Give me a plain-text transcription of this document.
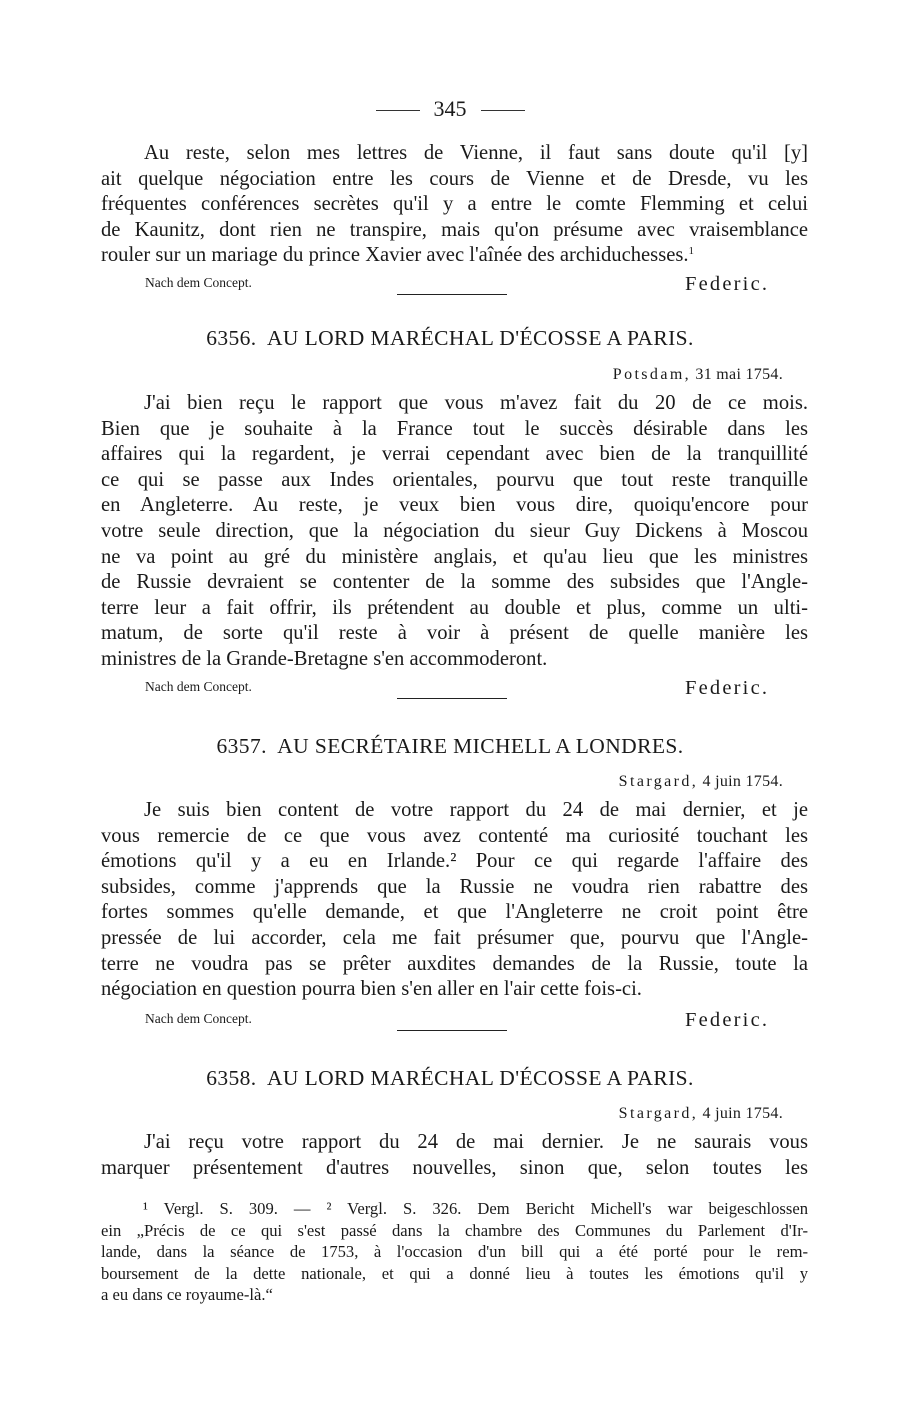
345
Au reste, selon mes lettres de Vienne, il faut sans doute qu'il [y]
ait quelque négociation entre les cours de Vienne et de Dresde, vu les
fréquentes conférences secrètes qu'il y a entre le comte Flemming et celui
de Kaunitz, dont rien ne transpire, mais qu'on présume avec vraisemblance
rouler sur un mariage du prince Xavier avec l'aînée des archiduchesses.$^1$
Nach dem Concept.	Federic.
6356. AU LORD MARÉCHAL D'ÉCOSSE A PARIS.
Potsdam, 31 mai 1754.
J'ai bien reçu le rapport que vous m'avez fait du 20 de ce mois.
Bien que je souhaite à la France tout le succès désirable dans les
affaires qui la regardent, je verrai cependant avec bien de la tranquillité
ce qui se passe aux Indes orientales, pourvu que tout reste tranquille
en Angleterre. Au reste, je veux bien vous dire, quoiqu'encore pour
votre seule direction, que la négociation du sieur Guy Dickens à Moscou
ne va point au gré du ministère anglais, et qu'au lieu que les ministres
de Russie devraient se contenter de la somme des subsides que l'Angle-
terre leur a fait offrir, ils prétendent au double et plus, comme un ulti-
matum, de sorte qu'il reste à voir à présent de quelle manière les
ministres de la Grande-Bretagne s'en accommoderont.
Nach dem Concept.	Federic.
6357. AU SECRÉTAIRE MICHELL A LONDRES.
Stargard, 4 juin 1754.
Je suis bien content de votre rapport du 24 de mai dernier, et je
vous remercie de ce que vous avez contenté ma curiosité touchant les
émotions qu'il y a eu en Irlande.² Pour ce qui regarde l'affaire des
subsides, comme j'apprends que la Russie ne voudra rien rabattre des
fortes sommes qu'elle demande, et que l'Angleterre ne croit point être
pressée de lui accorder, cela me fait présumer que, pourvu que l'Angle-
terre ne voudra pas se prêter auxdites demandes de la Russie, toute la
négociation en question pourra bien s'en aller en l'air cette fois-ci.
Nach dem Concept.	Federic.
6358. AU LORD MARÉCHAL D'ÉCOSSE A PARIS.
Stargard, 4 juin 1754.
J'ai reçu votre rapport du 24 de mai dernier. Je ne saurais vous
marquer présentement d'autres nouvelles, sinon que, selon toutes les
¹ Vergl. S. 309. — ² Vergl. S. 326. Dem Bericht Michell's war beigeschlossen
ein „Précis de ce qui s'est passé dans la chambre des Communes du Parlement d'Ir-
lande, dans la séance de 1753, à l'occasion d'un bill qui a été porté pour le rem-
boursement de la dette nationale, et qui a donné lieu à toutes les émotions qu'il y
a eu dans ce royaume-là.“
